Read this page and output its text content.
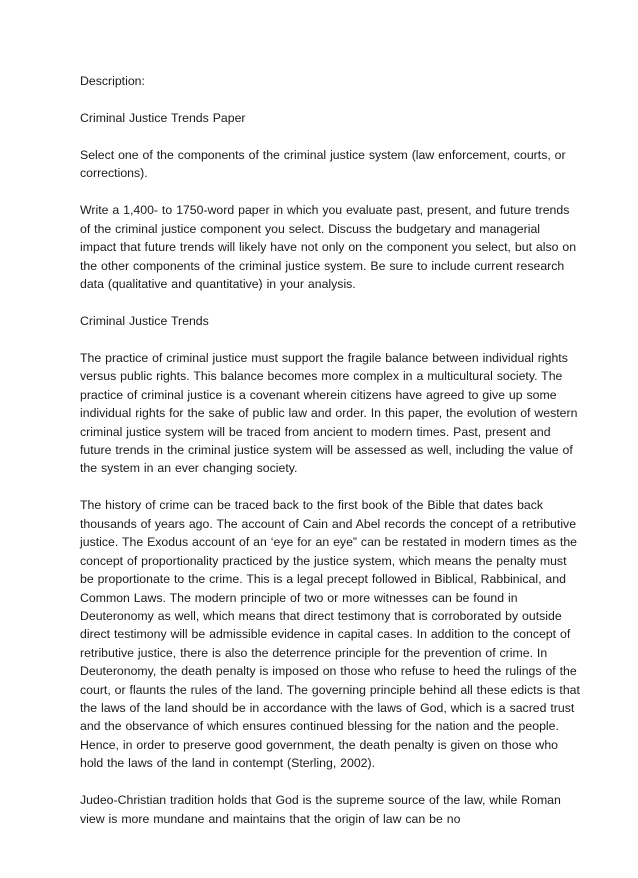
Description:

Criminal Justice Trends Paper

Select one of the components of the criminal justice system (law enforcement, courts, or corrections).

Write a 1,400- to 1750-word paper in which you evaluate past, present, and future trends of the criminal justice component you select. Discuss the budgetary and managerial impact that future trends will likely have not only on the component you select, but also on the other components of the criminal justice system. Be sure to include current research data (qualitative and quantitative) in your analysis.

Criminal Justice Trends

The practice of criminal justice must support the fragile balance between individual rights versus public rights. This balance becomes more complex in a multicultural society. The practice of criminal justice is a covenant wherein citizens have agreed to give up some individual rights for the sake of public law and order. In this paper, the evolution of western criminal justice system will be traced from ancient to modern times. Past, present and future trends in the criminal justice system will be assessed as well, including the value of the system in an ever changing society.

The history of crime can be traced back to the first book of the Bible that dates back thousands of years ago. The account of Cain and Abel records the concept of a retributive justice. The Exodus account of an ‘eye for an eye” can be restated in modern times as the concept of proportionality practiced by the justice system, which means the penalty must be proportionate to the crime. This is a legal precept followed in Biblical, Rabbinical, and Common Laws. The modern principle of two or more witnesses can be found in Deuteronomy as well, which means that direct testimony that is corroborated by outside direct testimony will be admissible evidence in capital cases. In addition to the concept of retributive justice, there is also the deterrence principle for the prevention of crime. In Deuteronomy, the death penalty is imposed on those who refuse to heed the rulings of the court, or flaunts the rules of the land. The governing principle behind all these edicts is that the laws of the land should be in accordance with the laws of God, which is a sacred trust and the observance of which ensures continued blessing for the nation and the people. Hence, in order to preserve good government, the death penalty is given on those who hold the laws of the land in contempt (Sterling, 2002).

Judeo-Christian tradition holds that God is the supreme source of the law, while Roman view is more mundane and maintains that the origin of law can be no
